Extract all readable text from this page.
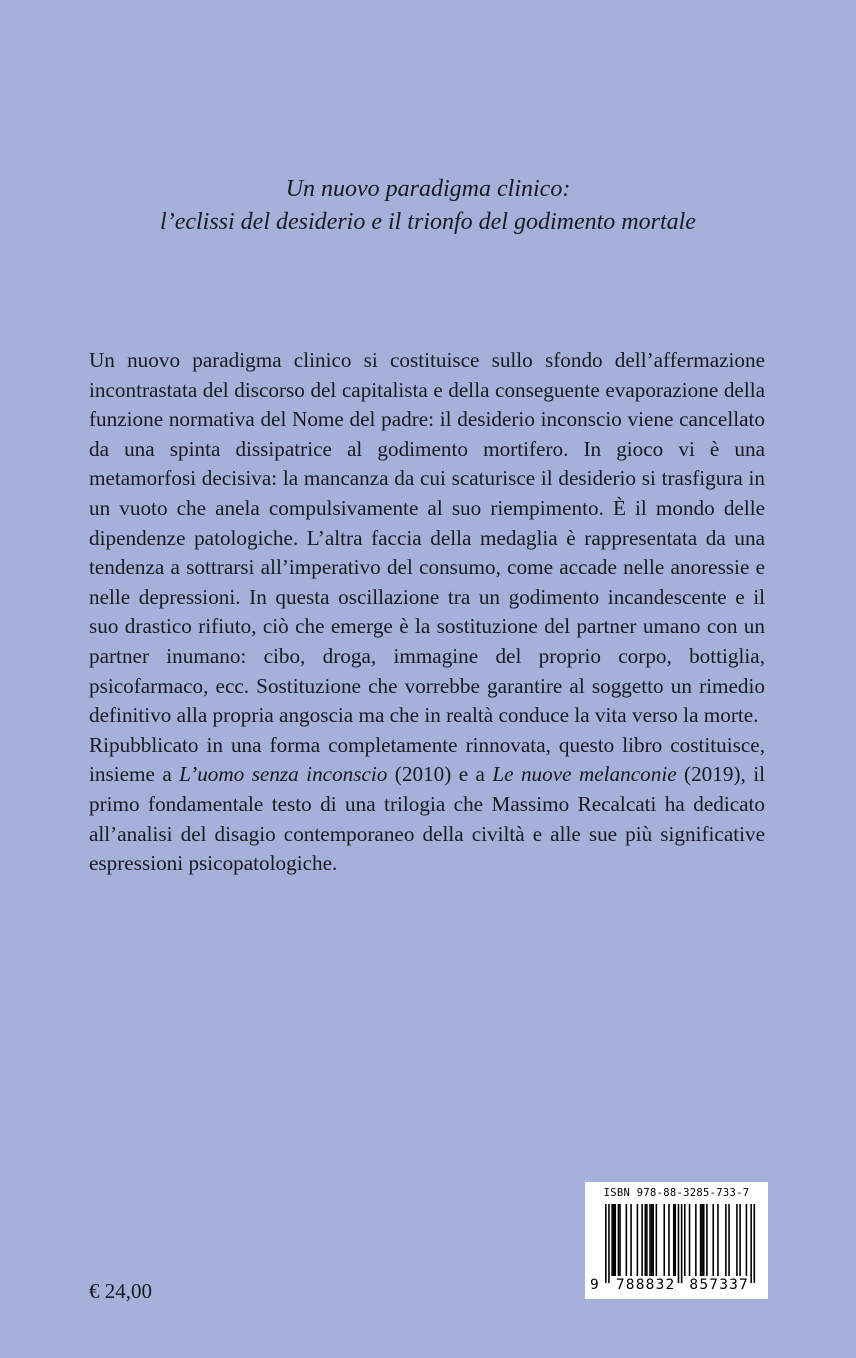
Un nuovo paradigma clinico:
l’eclissi del desiderio e il trionfo del godimento mortale

Un nuovo paradigma clinico si costituisce sullo sfondo dell’affermazione incontrastata del discorso del capitalista e della conseguente evaporazione della funzione normativa del Nome del padre: il desiderio inconscio viene cancellato da una spinta dissipatrice al godimento mortifero. In gioco vi è una metamorfosi decisiva: la mancanza da cui scaturisce il desiderio si trasfigura in un vuoto che anela compulsivamente al suo riempimento. È il mondo delle dipendenze patologiche. L’altra faccia della medaglia è rappresentata da una tendenza a sottrarsi all’imperativo del consumo, come accade nelle anoressie e nelle depressioni. In questa oscillazione tra un godimento incandescente e il suo drastico rifiuto, ciò che emerge è la sostituzione del partner umano con un partner inumano: cibo, droga, immagine del proprio corpo, bottiglia, psicofarmaco, ecc. Sostituzione che vorrebbe garantire al soggetto un rimedio definitivo alla propria angoscia ma che in realtà conduce la vita verso la morte.

Ripubblicato in una forma completamente rinnovata, questo libro costituisce, insieme a L’uomo senza inconscio (2010) e a Le nuove melanconie (2019), il primo fondamentale testo di una trilogia che Massimo Recalcati ha dedicato all’analisi del disagio contemporaneo della civiltà e alle sue più significative espressioni psicopatologiche.

€ 24,00
ISBN 978-88-3285-733-7
9 788832 857337
